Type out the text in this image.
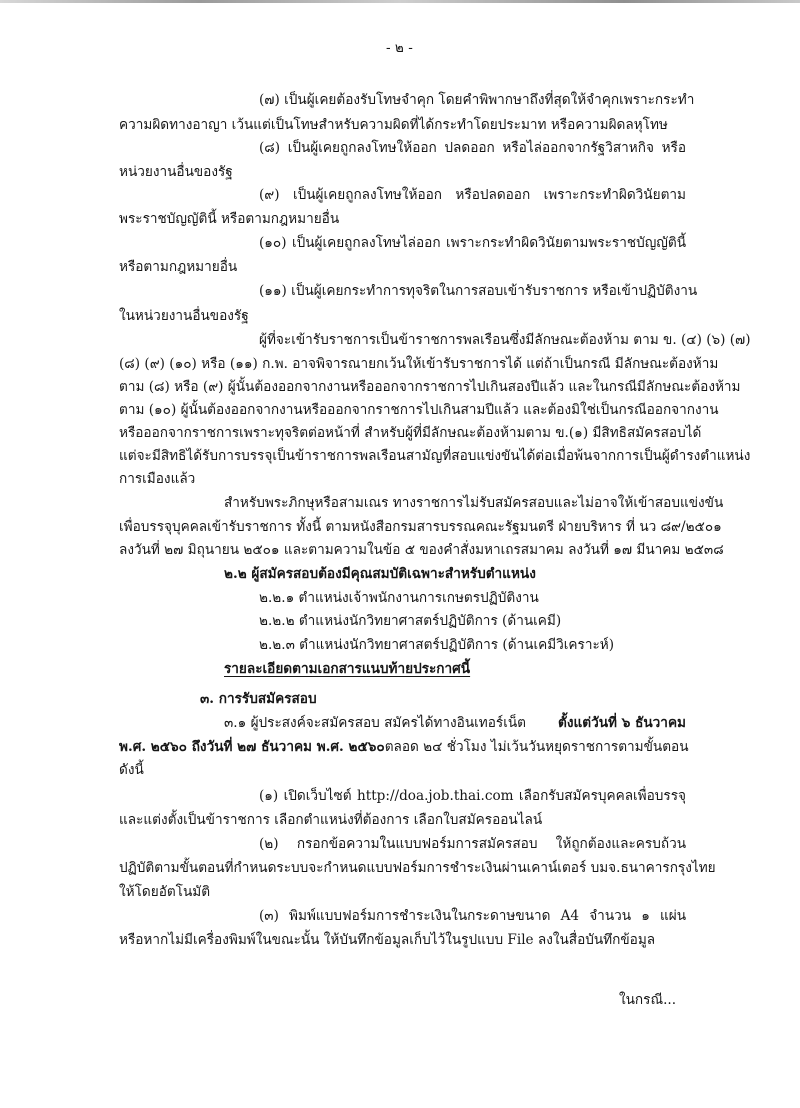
- ๒ -
(๗) เป็นผู้เคยต้องรับโทษจำคุก โดยคำพิพากษาถึงที่สุดให้จำคุกเพราะกระทำ
ความผิดทางอาญา เว้นแต่เป็นโทษสำหรับความผิดที่ได้กระทำโดยประมาท หรือความผิดลหุโทษ
(๘) เป็นผู้เคยถูกลงโทษให้ออก ปลดออก หรือไล่ออกจากรัฐวิสาหกิจ หรือ
หน่วยงานอื่นของรัฐ
(๙) เป็นผู้เคยถูกลงโทษให้ออก หรือปลดออก เพราะกระทำผิดวินัยตาม
พระราชบัญญัตินี้ หรือตามกฎหมายอื่น
(๑๐) เป็นผู้เคยถูกลงโทษไล่ออก เพราะกระทำผิดวินัยตามพระราชบัญญัตินี้
หรือตามกฎหมายอื่น
(๑๑) เป็นผู้เคยกระทำการทุจริตในการสอบเข้ารับราชการ หรือเข้าปฏิบัติงาน
ในหน่วยงานอื่นของรัฐ
ผู้ที่จะเข้ารับราชการเป็นข้าราชการพลเรือนซึ่งมีลักษณะต้องห้าม ตาม ข. (๔) (๖) (๗)
(๘) (๙) (๑๐) หรือ (๑๑) ก.พ. อาจพิจารณายกเว้นให้เข้ารับราชการได้ แต่ถ้าเป็นกรณี มีลักษณะต้องห้าม
ตาม (๘) หรือ (๙) ผู้นั้นต้องออกจากงานหรือออกจากราชการไปเกินสองปีแล้ว และในกรณีมีลักษณะต้องห้าม
ตาม (๑๐) ผู้นั้นต้องออกจากงานหรือออกจากราชการไปเกินสามปีแล้ว และต้องมิใช่เป็นกรณีออกจากงาน
หรือออกจากราชการเพราะทุจริตต่อหน้าที่ สำหรับผู้ที่มีลักษณะต้องห้ามตาม ข.(๑) มีสิทธิสมัครสอบได้
แต่จะมีสิทธิได้รับการบรรจุเป็นข้าราชการพลเรือนสามัญที่สอบแข่งขันได้ต่อเมื่อพ้นจากการเป็นผู้ดำรงตำแหน่ง
การเมืองแล้ว
สำหรับพระภิกษุหรือสามเณร ทางราชการไม่รับสมัครสอบและไม่อาจให้เข้าสอบแข่งขัน
เพื่อบรรจุบุคคลเข้ารับราชการ ทั้งนี้ ตามหนังสือกรมสารบรรณคณะรัฐมนตรี ฝ่ายบริหาร ที่ นว ๘๙/๒๕๐๑
ลงวันที่ ๒๗ มิถุนายน ๒๕๐๑ และตามความในข้อ ๕ ของคำสั่งมหาเถรสมาคม ลงวันที่ ๑๗ มีนาคม ๒๕๓๘
๒.๒ ผู้สมัครสอบต้องมีคุณสมบัติเฉพาะสำหรับตำแหน่ง
๒.๒.๑ ตำแหน่งเจ้าพนักงานการเกษตรปฏิบัติงาน
๒.๒.๒ ตำแหน่งนักวิทยาศาสตร์ปฏิบัติการ (ด้านเคมี)
๒.๒.๓ ตำแหน่งนักวิทยาศาสตร์ปฏิบัติการ (ด้านเคมีวิเคราะห์)
รายละเอียดตามเอกสารแนบท้ายประกาศนี้
๓. การรับสมัครสอบ
๓.๑ ผู้ประสงค์จะสมัครสอบ สมัครได้ทางอินเทอร์เน็ต ตั้งแต่วันที่ ๖ ธันวาคม
พ.ศ. ๒๕๖๐ ถึงวันที่ ๒๗ ธันวาคม พ.ศ. ๒๕๖๐ ตลอด ๒๔ ชั่วโมง ไม่เว้นวันหยุดราชการตามขั้นตอน
ดังนี้
(๑) เปิดเว็บไซต์ http://doa.job.thai.com เลือกรับสมัครบุคคลเพื่อบรรจุ
และแต่งตั้งเป็นข้าราชการ เลือกตำแหน่งที่ต้องการ เลือกใบสมัครออนไลน์
(๒) กรอกข้อความในแบบฟอร์มการสมัครสอบ ให้ถูกต้องและครบถ้วน
ปฏิบัติตามขั้นตอนที่กำหนดระบบจะกำหนดแบบฟอร์มการชำระเงินผ่านเคาน์เตอร์ บมจ.ธนาคารกรุงไทย
ให้โดยอัตโนมัติ
(๓) พิมพ์แบบฟอร์มการชำระเงินในกระดาษขนาด A4 จำนวน ๑ แผ่น
หรือหากไม่มีเครื่องพิมพ์ในขณะนั้น ให้บันทึกข้อมูลเก็บไว้ในรูปแบบ File ลงในสื่อบันทึกข้อมูล
ในกรณี...
